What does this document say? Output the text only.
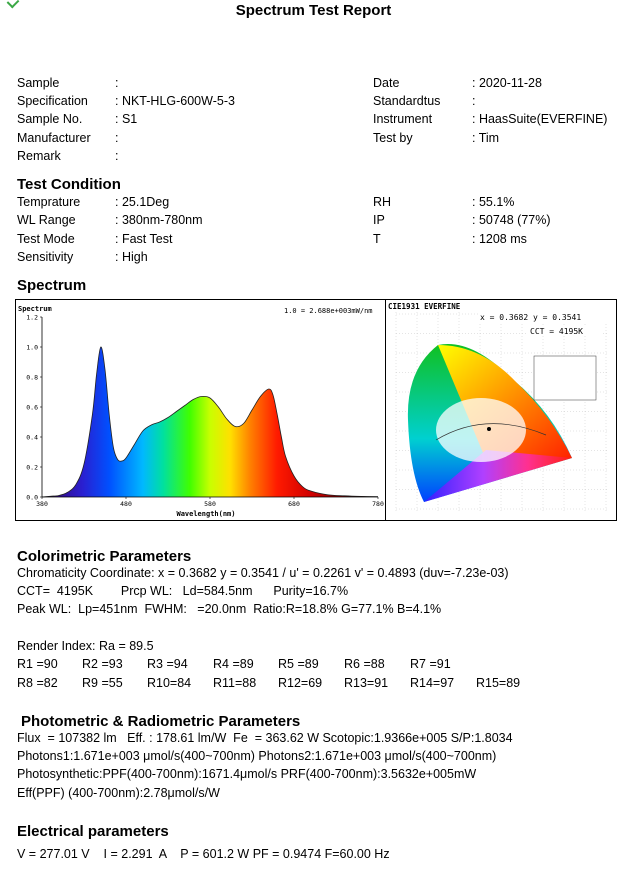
Spectrum Test Report
Sample	:
Specification : NKT-HLG-600W-5-3
Sample No.	: S1
Manufacturer :
Remark	:
Date	: 2020-11-28
Standardtus	:
Instrument	: HaasSuite(EVERFINE)
Test by	: Tim
Test Condition
Temprature	: 25.1Deg
WL Range	: 380nm-780nm
Test Mode	: Fast Test
Sensitivity	: High
RH	: 55.1%
IP	: 50748 (77%)
T	: 1208 ms
Spectrum
0.0
0.2
0.4
0.6
0.8
1.0
1.2
380	480	580	680	780
Spectrum	1.0 = 2.688e+003mW/nm
Wavelength(nm)
CIE1931 EVERFINE
x = 0.3682 y = 0.3541
CCT = 4195K
Colorimetric Parameters
Chromaticity Coordinate: x = 0.3682 y = 0.3541 / u' = 0.2261 v' = 0.4893 (duv=-7.23e-03)
CCT=  4195K        Prcp WL:   Ld=584.5nm      Purity=16.7%
Peak WL:  Lp=451nm  FWHM:   =20.0nm  Ratio:R=18.8% G=77.1% B=4.1%
Render Index: Ra = 89.5
R1 =90 R2 =93 R3 =94 R4 =89 R5 =89 R6 =88 R7 =91
R8 =82 R9 =55 R10=84 R11=88 R12=69 R13=91 R14=97 R15=89
Photometric & Radiometric Parameters
Flux  = 107382 lm   Eff. : 178.61 lm/W  Fe  = 363.62 W Scotopic:1.9366e+005 S/P:1.8034
Photons1:1.671e+003 μmol/s(400~700nm) Photons2:1.671e+003 μmol/s(400~700nm)
Photosynthetic:PPF(400-700nm):1671.4μmol/s PRF(400-700nm):3.5632e+005mW
Eff(PPF) (400-700nm):2.78μmol/s/W
Electrical parameters
V = 277.01 V    I = 2.291  A    P = 601.2 W PF = 0.9474 F=60.00 Hz
